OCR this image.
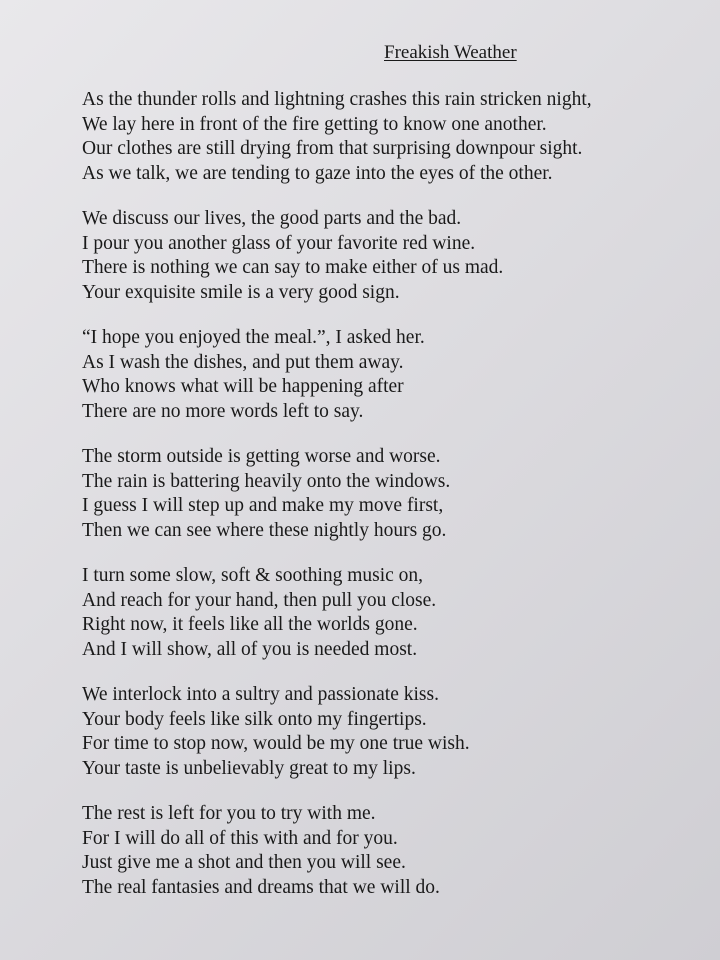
Freakish Weather
As the thunder rolls and lightning crashes this rain stricken night,
We lay here in front of the fire getting to know one another.
Our clothes are still drying from that surprising downpour sight.
As we talk, we are tending to gaze into the eyes of the other.
We discuss our lives, the good parts and the bad.
I pour you another glass of your favorite red wine.
There is nothing we can say to make either of us mad.
Your exquisite smile is a very good sign.
“I hope you enjoyed the meal.”, I asked her.
As I wash the dishes, and put them away.
Who knows what will be happening after
There are no more words left to say.
The storm outside is getting worse and worse.
The rain is battering heavily onto the windows.
I guess I will step up and make my move first,
Then we can see where these nightly hours go.
I turn some slow, soft & soothing music on,
And reach for your hand, then pull you close.
Right now, it feels like all the worlds gone.
And I will show, all of you is needed most.
We interlock into a sultry and passionate kiss.
Your body feels like silk onto my fingertips.
For time to stop now, would be my one true wish.
Your taste is unbelievably great to my lips.
The rest is left for you to try with me.
For I will do all of this with and for you.
Just give me a shot and then you will see.
The real fantasies and dreams that we will do.
